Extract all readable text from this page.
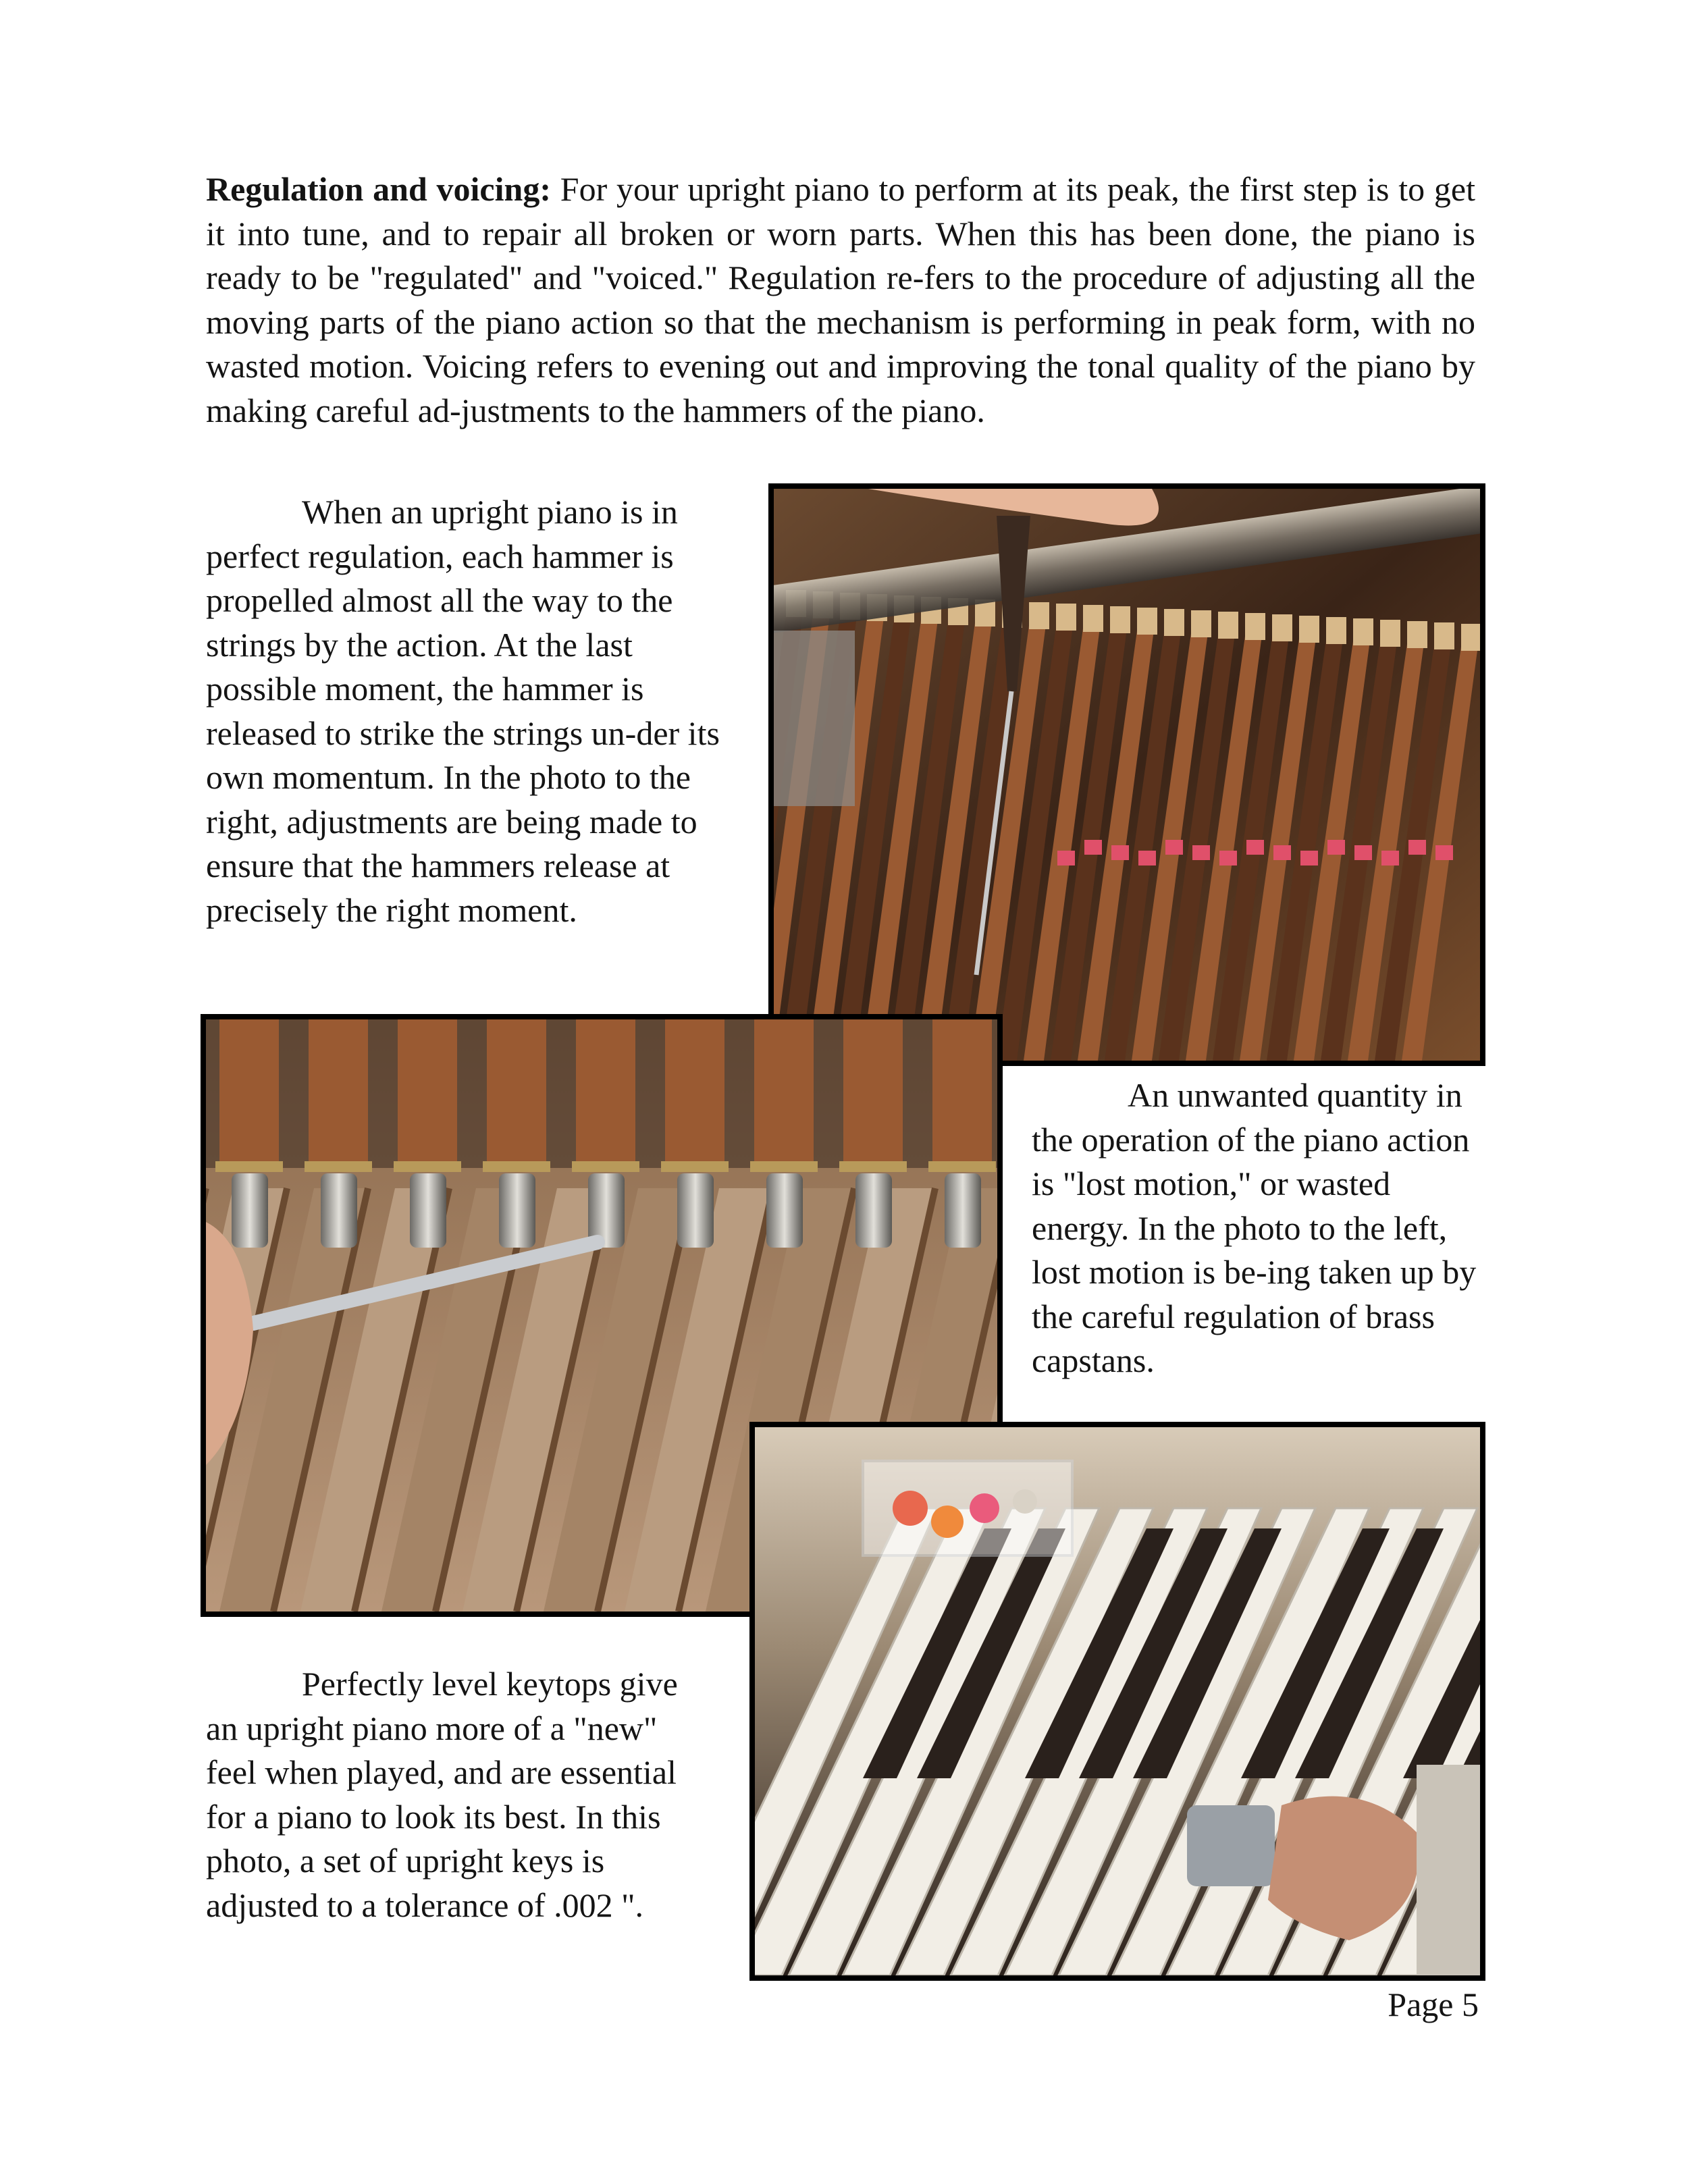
Regulation and voicing: For your upright piano to perform at its peak, the first step is to get it into tune, and to repair all broken or worn parts. When this has been done, the piano is ready to be "regulated" and "voiced." Regulation re-fers to the procedure of adjusting all the moving parts of the piano action so that the mechanism is performing in peak form, with no wasted motion. Voicing refers to evening out and improving the tonal quality of the piano by making careful ad-justments to the hammers of the piano.
When an upright piano is in perfect regulation, each hammer is propelled almost all the way to the strings by the action. At the last possible moment, the hammer is released to strike the strings un-der its own momentum. In the photo to the right, adjustments are being made to ensure that the hammers release at precisely the right moment.
An unwanted quantity in the operation of the piano action is "lost motion," or wasted energy. In the photo to the left, lost motion is be-ing taken up by the careful regulation of brass capstans.
Perfectly level keytops give an upright piano more of a "new" feel when played, and are essential for a piano to look its best. In this photo, a set of upright keys is adjusted to a tolerance of .002 ".
Page 5
